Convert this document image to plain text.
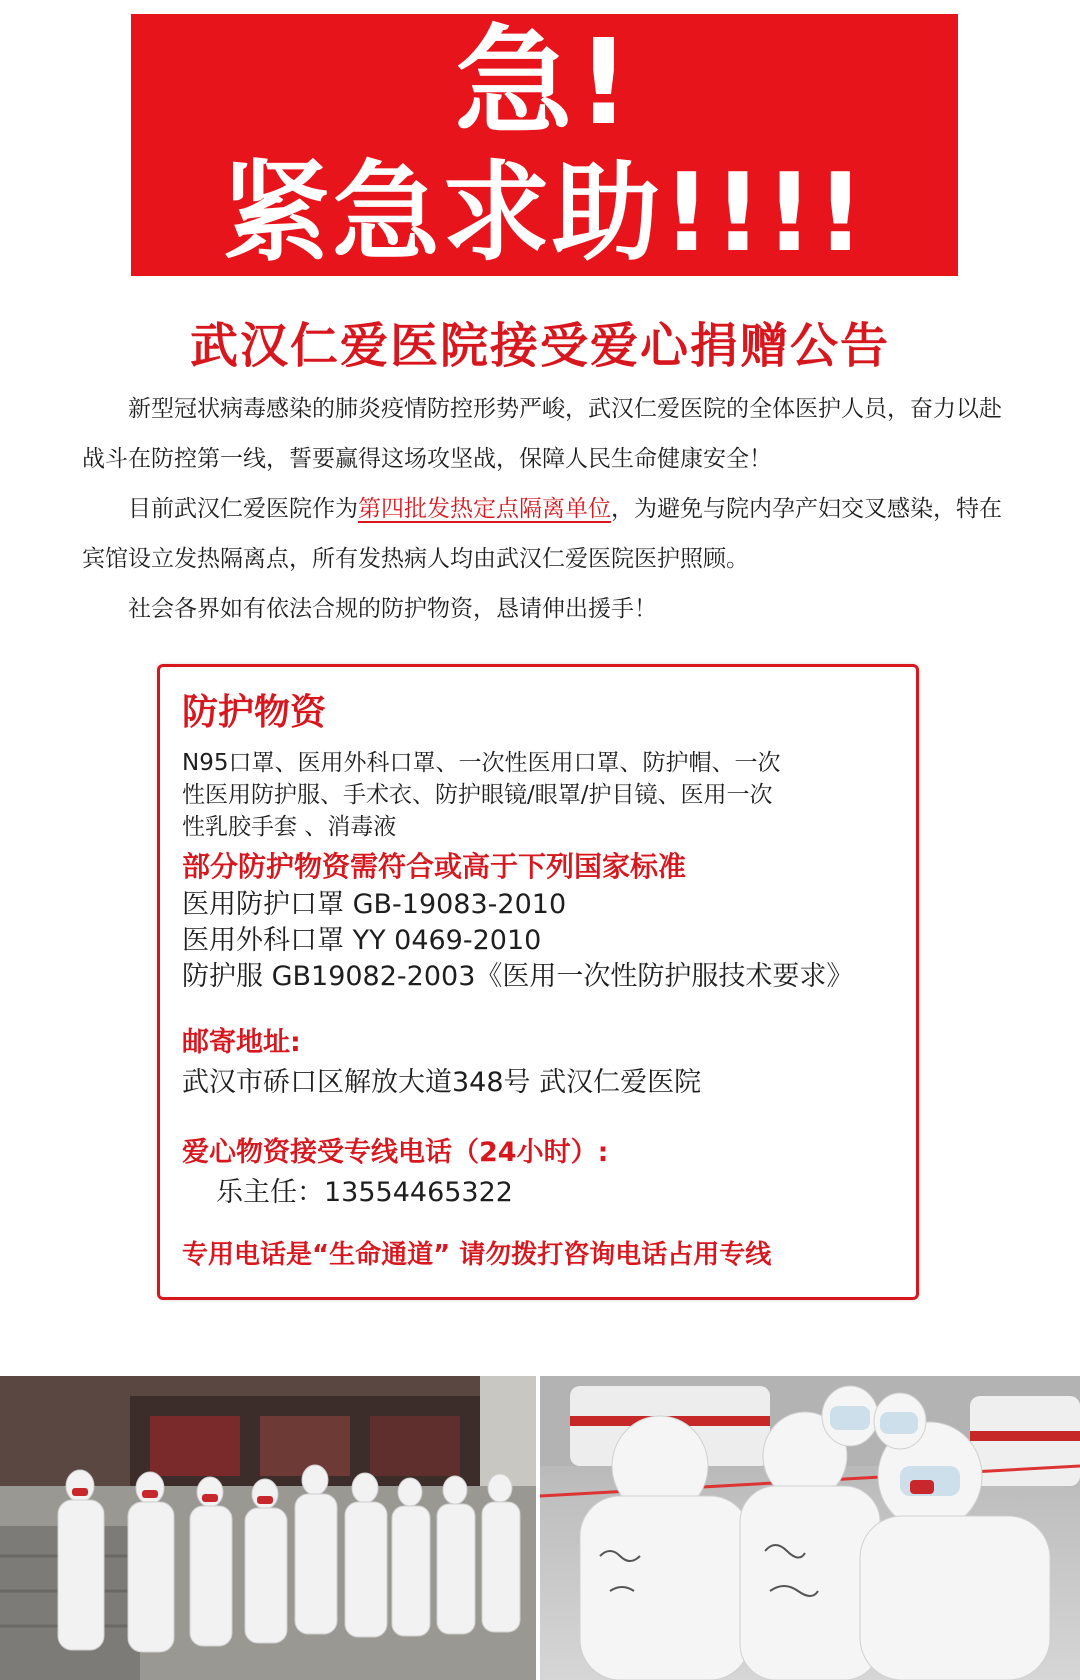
急!
紧急求助!!!!
武汉仁爱医院接受爱心捐赠公告

新型冠状病毒感染的肺炎疫情防控形势严峻，武汉仁爱医院的全体医护人员，奋力以赴战斗在防控第一线，誓要赢得这场攻坚战，保障人民生命健康安全！

目前武汉仁爱医院作为第四批发热定点隔离单位，为避免与院内孕产妇交叉感染，特在宾馆设立发热隔离点，所有发热病人均由武汉仁爱医院医护照顾。

社会各界如有依法合规的防护物资，恳请伸出援手！

防护物资
N95口罩、医用外科口罩、一次性医用口罩、防护帽、一次性医用防护服、手术衣、防护眼镜/眼罩/护目镜、医用一次性乳胶手套 、消毒液
部分防护物资需符合或高于下列国家标准
医用防护口罩 GB-19083-2010
医用外科口罩 YY 0469-2010
防护服 GB19082-2003《医用一次性防护服技术要求》
邮寄地址:
武汉市硚口区解放大道348号 武汉仁爱医院
爱心物资接受专线电话（24小时）:
乐主任：13554465322
专用电话是“生命通道” 请勿拨打咨询电话占用专线
